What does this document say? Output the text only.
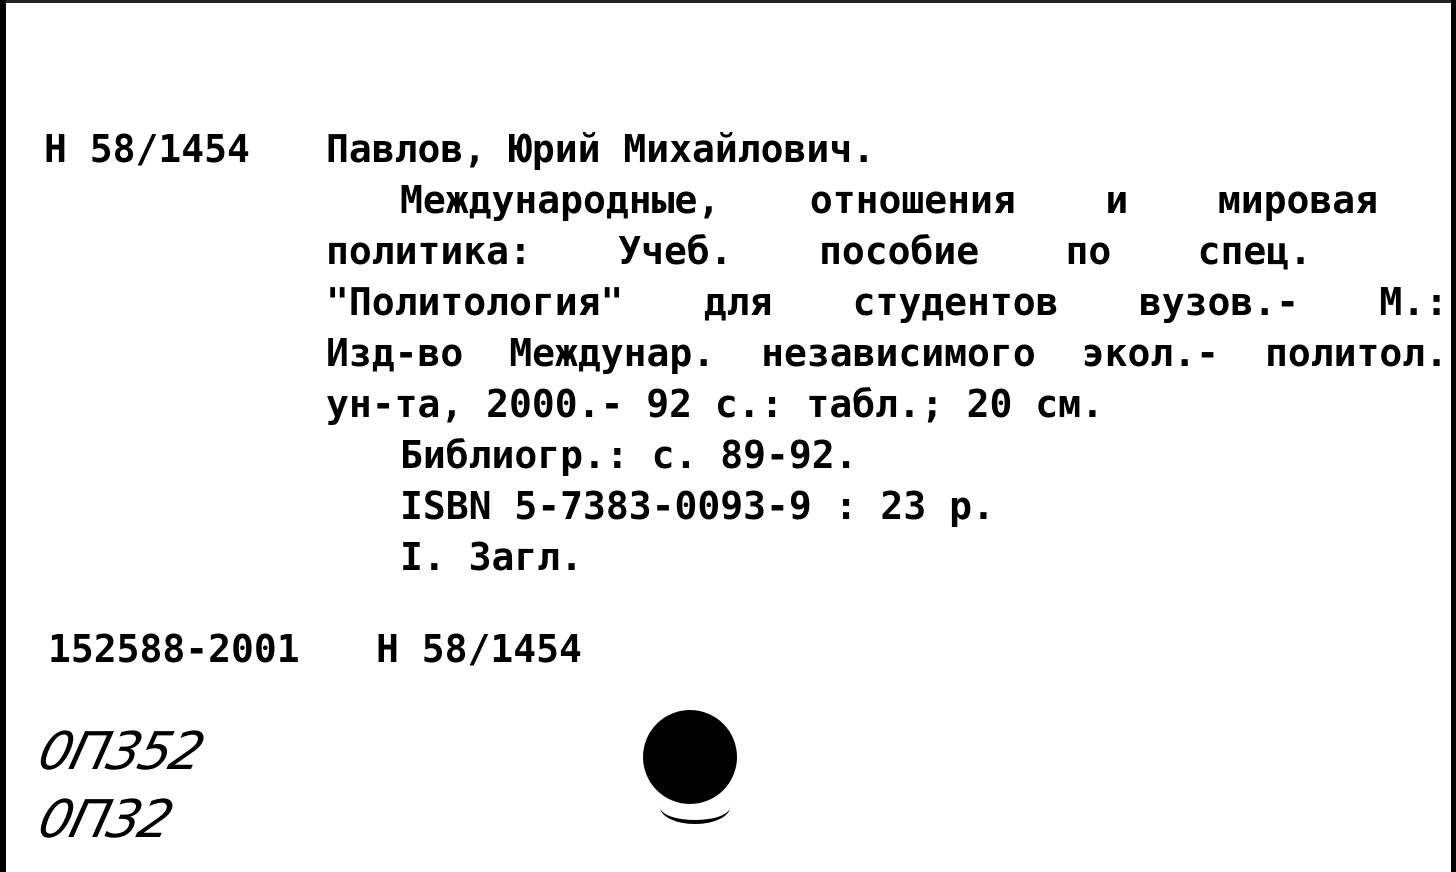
Н 58/1454 Павлов, Юрий Михайлович.
Международные, отношения и мировая
политика: Учеб. пособие по спец.
"Политология" для студентов вузов.- М.:
Изд-во Междунар. независимого экол.- политол.
ун-та, 2000.- 92 с.: табл.; 20 см.
Библиогр.: с. 89-92.
ISBN 5-7383-0093-9 : 23 р.
I. Загл.
152588-2001 Н 58/1454
0П352
0П32
